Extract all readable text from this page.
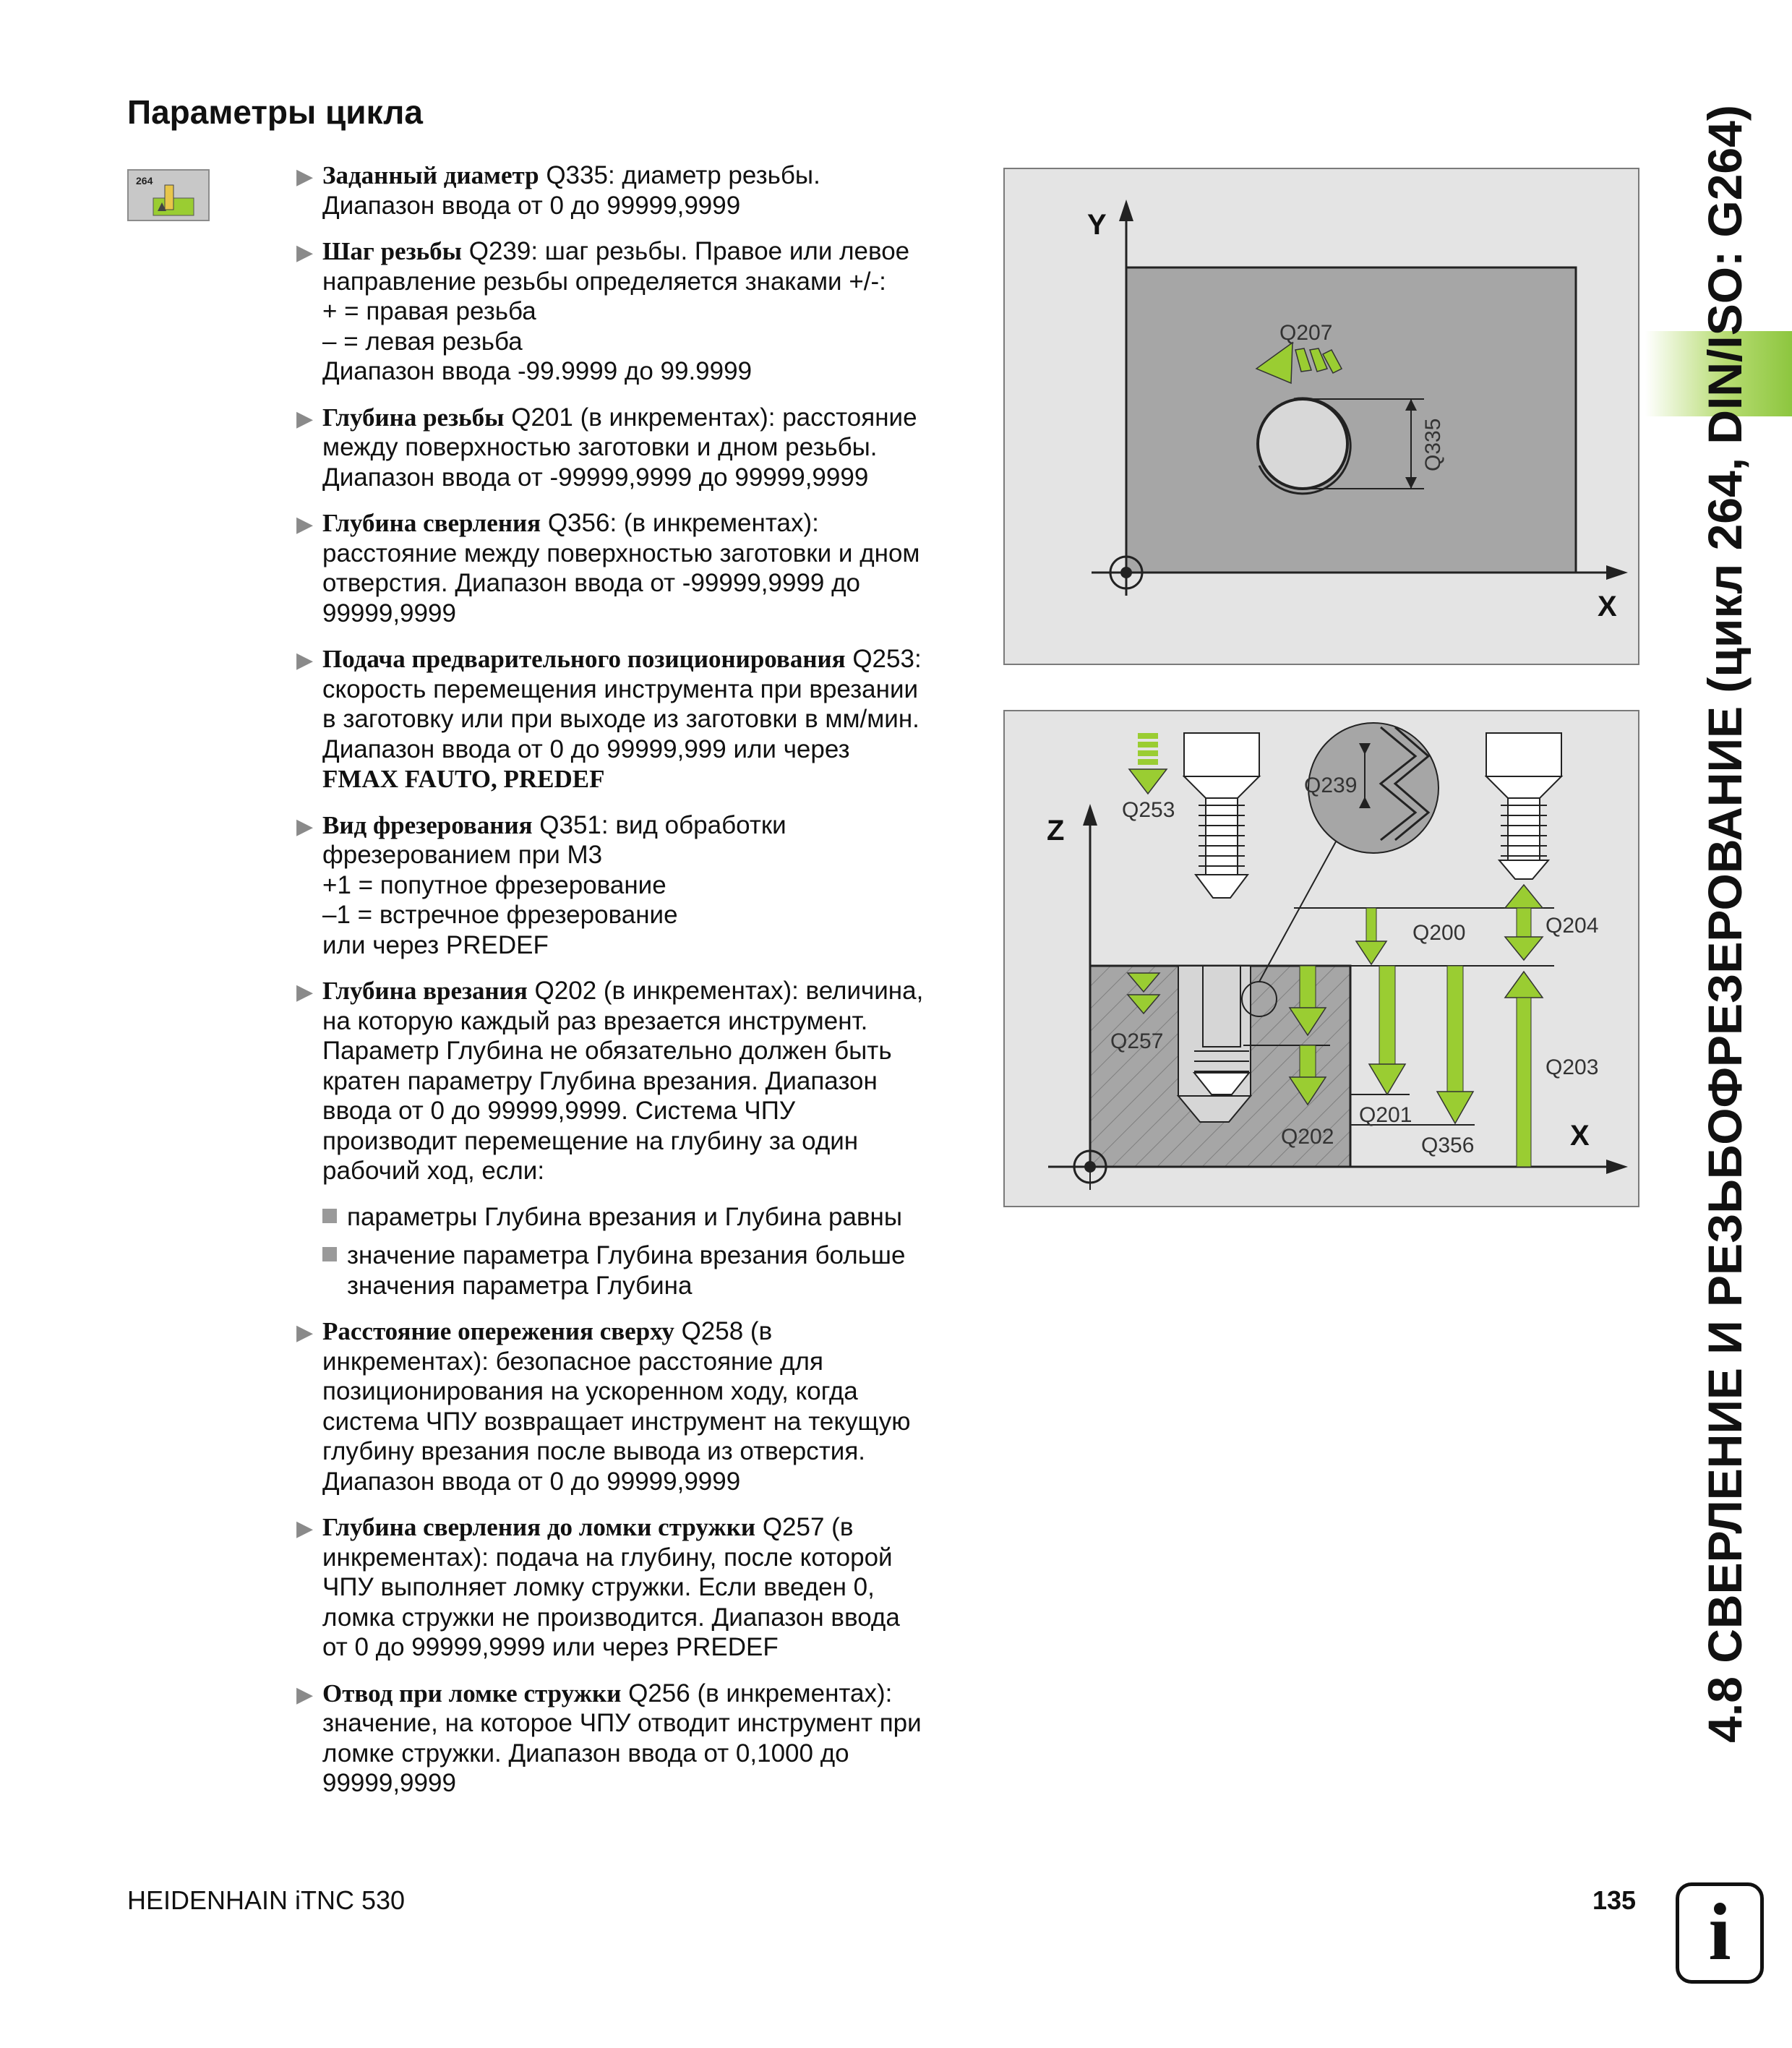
Параметры цикла
264	▶ Заданный диаметр Q335: диаметр резьбы.
Диапазон ввода от 0 до 99999,9999
▶ Шаг резьбы Q239: шаг резьбы. Правое или левое
направление резьбы определяется знаками +/-:
+ = правая резьба
– = левая резьба
Диапазон ввода -99.9999 до 99.9999
▶ Глубина резьбы Q201 (в инкрементах): расстояние
между поверхностью заготовки и дном резьбы.
Диапазон ввода от -99999,9999 до 99999,9999
▶ Глубина сверления Q356: (в инкрементах):
расстояние между поверхностью заготовки и дном
отверстия. Диапазон ввода от -99999,9999 до
99999,9999
▶ Подача предварительного позиционирования Q253:
скорость перемещения инструмента при врезании
в заготовку или при выходе из заготовки в мм/мин.
Диапазон ввода от 0 до 99999,999 или через
FMAX FAUTO, PREDEF
▶ Вид фрезерования Q351: вид обработки
фрезерованием при M3
+1 = попутное фрезерование
–1 = встречное фрезерование
или через PREDEF
▶ Глубина врезания Q202 (в инкрементах): величина,
на которую каждый раз врезается инструмент.
Параметр Глубина не обязательно должен быть
кратен параметру Глубина врезания. Диапазон
ввода от 0 до 99999,9999. Система ЧПУ
производит перемещение на глубину за один
рабочий ход, если:
параметры Глубина врезания и Глубина равны
значение параметра Глубина врезания больше
значения параметра Глубина
▶ Расстояние опережения сверху Q258 (в
инкрементах): безопасное расстояние для
позиционирования на ускоренном ходу, когда
система ЧПУ возвращает инструмент на текущую
глубину врезания после вывода из отверстия.
Диапазон ввода от 0 до 99999,9999
▶ Глубина сверления до ломки стружки Q257 (в
инкрементах): подача на глубину, после которой
ЧПУ выполняет ломку стружки. Если введен 0,
ломка стружки не производится. Диапазон ввода
от 0 до 99999,9999 или через PREDEF
▶ Отвод при ломке стружки Q256 (в инкрементах):
значение, на которое ЧПУ отводит инструмент при
ломке стружки. Диапазон ввода от 0,1000 до
99999,9999
Y
X
Q335
Q207
Z
X
Q253
Q239
Q200	Q204
Q257
Q203
Q201
Q202	Q356	4.8 СВЕРЛЕНИЕ И РЕЗЬБОФРЕЗЕРОВАНИЕ (цикл 264, DIN/ISO: G264)
HEIDENHAIN iTNC 530	135 i
